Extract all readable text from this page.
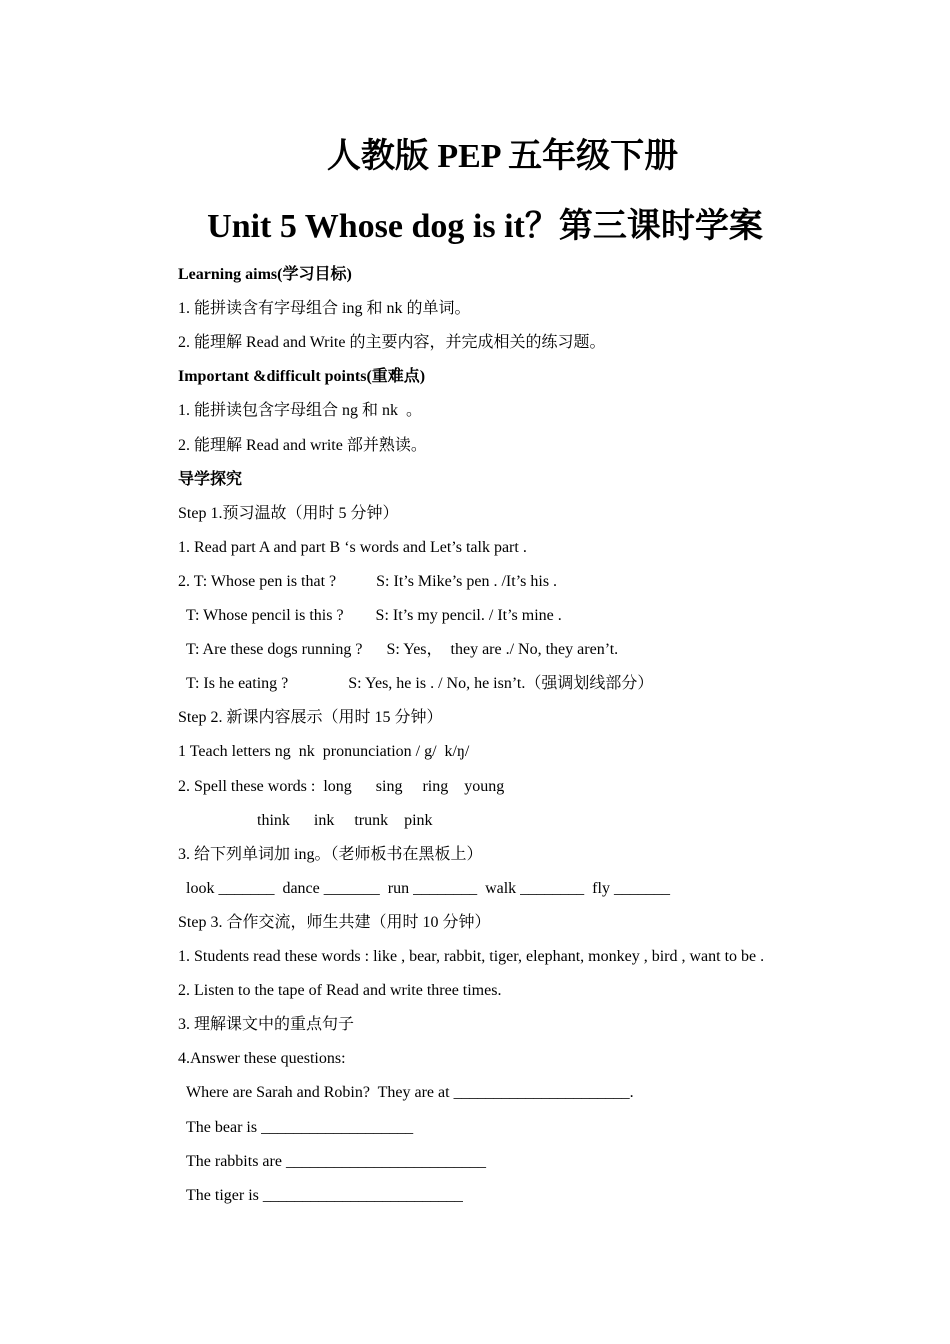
人教版 PEP 五年级下册
Unit 5 Whose dog is it？第三课时学案
Learning aims(学习目标)
1. 能拼读含有字母组合 ing 和 nk 的单词。
2. 能理解 Read and Write 的主要内容，并完成相关的练习题。
Important &difficult points(重难点)
1. 能拼读包含字母组合 ng 和 nk  。
2. 能理解 Read and write 部并熟读。
导学探究
Step 1.预习温故（用时 5 分钟）
1. Read part A and part B ‘s words and Let’s talk part .
2. T: Whose pen is that ?          S: It’s Mike’s pen . /It’s his .
T: Whose pencil is this ?        S: It’s my pencil. / It’s mine .
T: Are these dogs running ?      S: Yes，  they are ./ No, they aren’t.
T: Is he eating ?               S: Yes, he is . / No, he isn’t.（强调划线部分）
Step 2. 新课内容展示（用时 15 分钟）
1 Teach letters ng  nk  pronunciation / g/  k/ŋ/
2. Spell these words :  long      sing     ring    young
think      ink     trunk    pink
3. 给下列单词加 ing。（老师板书在黑板上）
look _______  dance _______  run ________  walk ________  fly _______
Step 3. 合作交流，师生共建（用时 10 分钟）
1. Students read these words : like , bear, rabbit, tiger, elephant, monkey , bird , want to be .
2. Listen to the tape of Read and write three times.
3. 理解课文中的重点句子
4.Answer these questions:
Where are Sarah and Robin?  They are at ______________________.
The bear is ___________________
The rabbits are _________________________
The tiger is _________________________
